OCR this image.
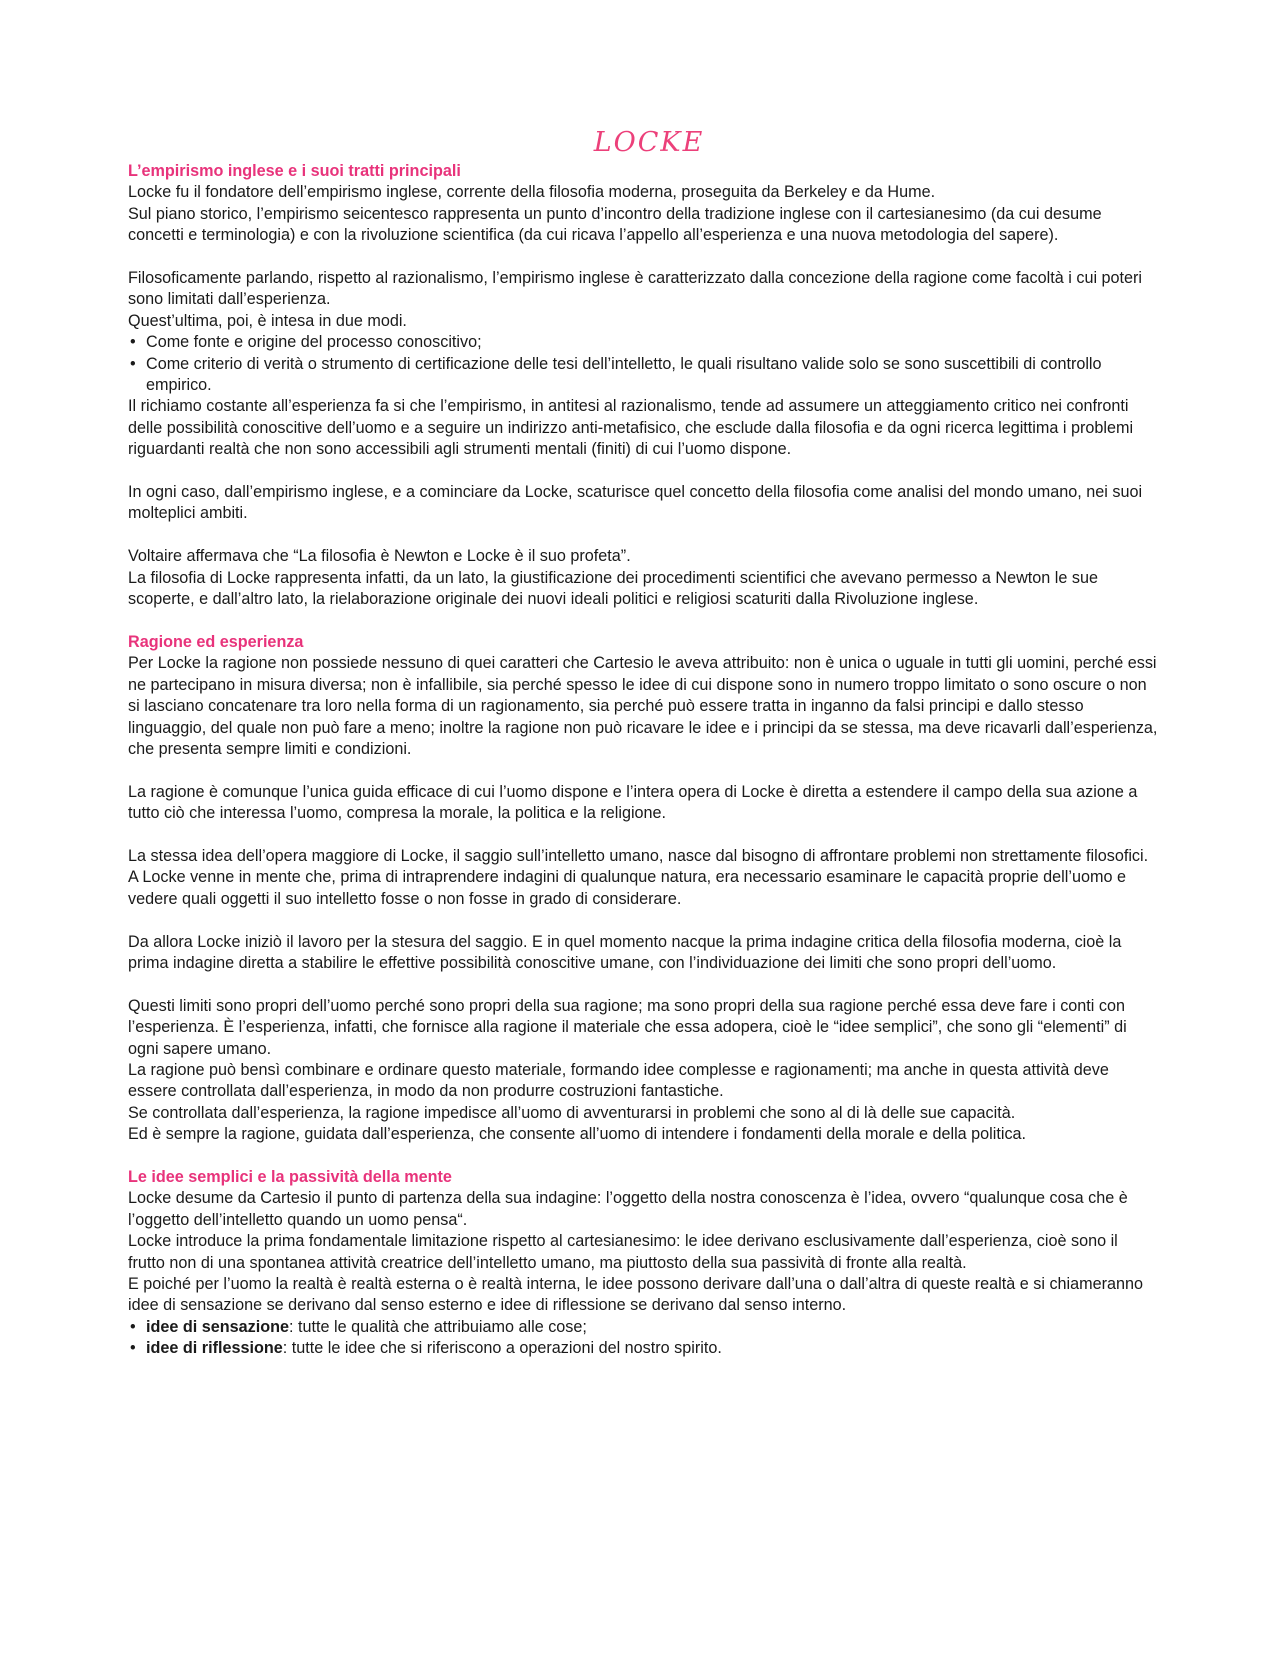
LOCKE

L’empirismo inglese e i suoi tratti principali

Locke fu il fondatore dell’empirismo inglese, corrente della filosofia moderna, proseguita da Berkeley e da Hume.

Sul piano storico, l’empirismo seicentesco rappresenta un punto d’incontro della tradizione inglese con il cartesianesimo (da cui desume concetti e terminologia) e con la rivoluzione scientifica (da cui ricava l’appello all’esperienza e una nuova metodologia del sapere).

Filosoficamente parlando, rispetto al razionalismo, l’empirismo inglese è caratterizzato dalla concezione della ragione come facoltà i cui poteri sono limitati dall’esperienza.

Quest’ultima, poi, è intesa in due modi.

• Come fonte e origine del processo conoscitivo;
• Come criterio di verità o strumento di certificazione delle tesi dell’intelletto, le quali risultano valide solo se sono suscettibili di controllo empirico.

Il richiamo costante all’esperienza fa si che l’empirismo, in antitesi al razionalismo, tende ad assumere un atteggiamento critico nei confronti delle possibilità conoscitive dell’uomo e a seguire un indirizzo anti-metafisico, che esclude dalla filosofia e da ogni ricerca legittima i problemi riguardanti realtà che non sono accessibili agli strumenti mentali (finiti) di cui l’uomo dispone.

In ogni caso, dall’empirismo inglese, e a cominciare da Locke, scaturisce quel concetto della filosofia come analisi del mondo umano, nei suoi molteplici ambiti.

Voltaire affermava che “La filosofia è Newton e Locke è il suo profeta”.

La filosofia di Locke rappresenta infatti, da un lato, la giustificazione dei procedimenti scientifici che avevano permesso a Newton le sue scoperte, e dall’altro lato, la rielaborazione originale dei nuovi ideali politici e religiosi scaturiti dalla Rivoluzione inglese.

Ragione ed esperienza

Per Locke la ragione non possiede nessuno di quei caratteri che Cartesio le aveva attribuito: non è unica o uguale in tutti gli uomini, perché essi ne partecipano in misura diversa; non è infallibile, sia perché spesso le idee di cui dispone sono in numero troppo limitato o sono oscure o non si lasciano concatenare tra loro nella forma di un ragionamento, sia perché può essere tratta in inganno da falsi principi e dallo stesso linguaggio, del quale non può fare a meno; inoltre la ragione non può ricavare le idee e i principi da se stessa, ma deve ricavarli dall’esperienza, che presenta sempre limiti e condizioni.

La ragione è comunque l’unica guida efficace di cui l’uomo dispone e l’intera opera di Locke è diretta a estendere il campo della sua azione a tutto ciò che interessa l’uomo, compresa la morale, la politica e la religione.

La stessa idea dell’opera maggiore di Locke, il saggio sull’intelletto umano, nasce dal bisogno di affrontare problemi non strettamente filosofici.

A Locke venne in mente che, prima di intraprendere indagini di qualunque natura, era necessario esaminare le capacità proprie dell’uomo e vedere quali oggetti il suo intelletto fosse o non fosse in grado di considerare.

Da allora Locke iniziò il lavoro per la stesura del saggio. E in quel momento nacque la prima indagine critica della filosofia moderna, cioè la prima indagine diretta a stabilire le effettive possibilità conoscitive umane, con l’individuazione dei limiti che sono propri dell’uomo.

Questi limiti sono propri dell’uomo perché sono propri della sua ragione; ma sono propri della sua ragione perché essa deve fare i conti con l’esperienza. È l’esperienza, infatti, che fornisce alla ragione il materiale che essa adopera, cioè le “idee semplici”, che sono gli “elementi” di ogni sapere umano.

La ragione può bensì combinare e ordinare questo materiale, formando idee complesse e ragionamenti; ma anche in questa attività deve essere controllata dall’esperienza, in modo da non produrre costruzioni fantastiche.

Se controllata dall’esperienza, la ragione impedisce all’uomo di avventurarsi in problemi che sono al di là delle sue capacità.

Ed è sempre la ragione, guidata dall’esperienza, che consente all’uomo di intendere i fondamenti della morale e della politica.

Le idee semplici e la passività della mente

Locke desume da Cartesio il punto di partenza della sua indagine: l’oggetto della nostra conoscenza è l’idea, ovvero “qualunque cosa che è l’oggetto dell’intelletto quando un uomo pensa“.

Locke introduce la prima fondamentale limitazione rispetto al cartesianesimo: le idee derivano esclusivamente dall’esperienza, cioè sono il frutto non di una spontanea attività creatrice dell’intelletto umano, ma piuttosto della sua passività di fronte alla realtà.

E poiché per l’uomo la realtà è realtà esterna o è realtà interna, le idee possono derivare dall’una o dall’altra di queste realtà e si chiameranno idee di sensazione se derivano dal senso esterno e idee di riflessione se derivano dal senso interno.

• idee di sensazione: tutte le qualità che attribuiamo alle cose;
• idee di riflessione: tutte le idee che si riferiscono a operazioni del nostro spirito.
